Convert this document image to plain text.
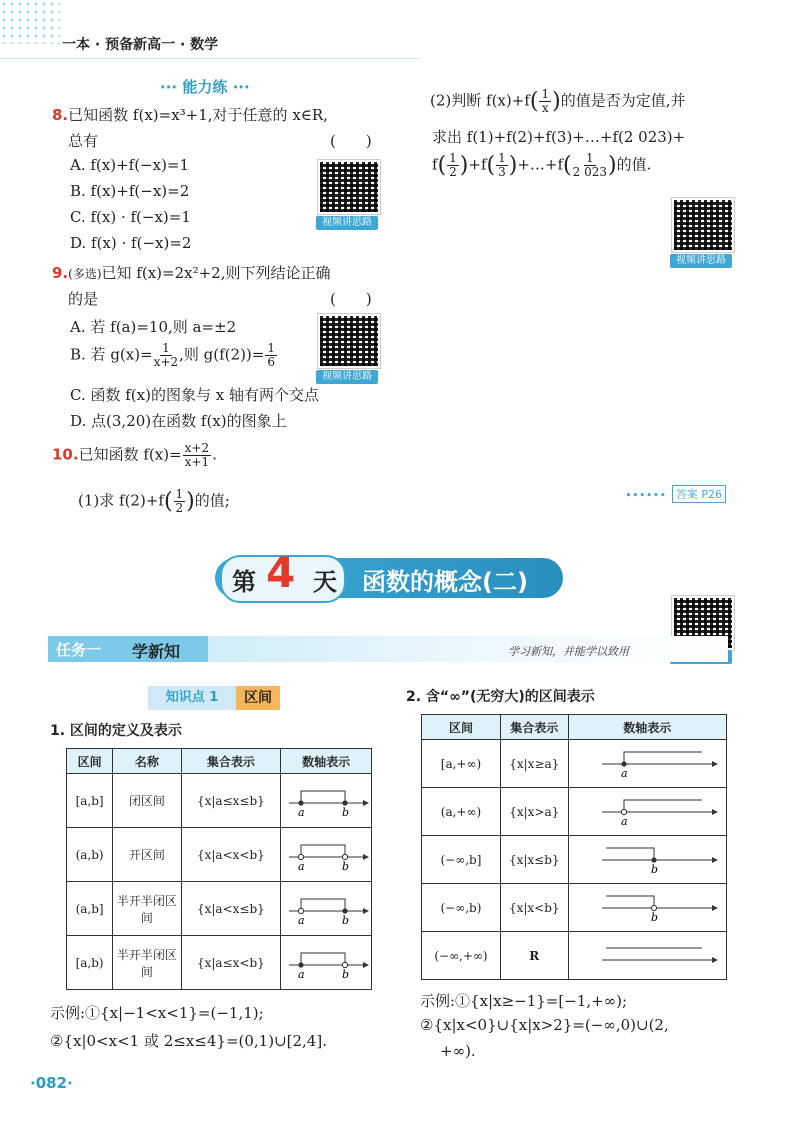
一本 · 预备新高一 · 数学
∙∙∙ 能力练 ∙∙∙
8.已知函数 f(x)=x³+1,对于任意的 x∈R,
总有	(　　)
A. f(x)+f(−x)=1
B. f(x)+f(−x)=2
C. f(x) · f(−x)=1
D. f(x) · f(−x)=2
视频讲思路
9.(多选)已知 f(x)=2x²+2,则下列结论正确
的是	(　　)
A. 若 f(a)=10,则 a=±2
B. 若 $g(x)= \frac{1}{x+2}$ ,则 $g(f(2))= \frac{1}{6}$
C. 函数 f(x)的图象与 x 轴有两个交点
D. 点(3,20)在函数 f(x)的图象上
视频讲思路
10.已知函数 $f(x)= \frac{x+2}{x+1}$ .
(1)求 $f(2)+f( \frac{1}{2}$ )的值;
(2)判断 $f(x)+f( \frac{1}{x}$ )的值是否为定值,并
求出 f(1)+f(2)+f(3)+…+f(2 023)+
$f( \frac{1}{2} )+f( \frac{1}{3}$ )+…+f( $\frac{1}{2 023}$ )的值.
视频讲思路
∙∙∙∙∙∙ 答案 P26
第 4 天 函数的概念(二)
任务一 学新知	学习新知，并能学以致用
知识点 1	区间
1. 区间的定义及表示
区间	名称	集合表示	数轴表示
[a,b]	闭区间	{x|a≤x≤b}	a b

(a,b)	开区间	{x|a<x<b}	a b

(a,b]	半开半闭区间	{x|a<x≤b}	a b

[a,b)	半开半闭区间	{x|a≤x<b}	a b
示例:①{x|−1<x<1}=(−1,1);
②{x|0<x<1 或 2≤x≤4}=(0,1)∪[2,4].
2. 含“∞”(无穷大)的区间表示
区间	集合表示	数轴表示
[a,+∞)	{x|x≥a}	a

(a,+∞)	{x|x>a}	a

(−∞,b]	{x|x≤b}	b

(−∞,b)	{x|x<b}	b

(−∞,+∞)	R	
示例:①{x|x≥−1}=[−1,+∞);
②{x|x<0}∪{x|x>2}=(−∞,0)∪(2,
+∞).
∙082∙
